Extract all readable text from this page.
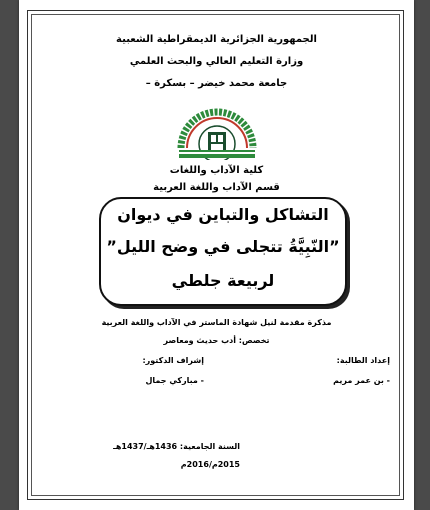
الجمهورية الجزائرية الديمقراطية الشعبية
وزارة التعليم العالي والبحث العلمي
جامعة محمد خيضر – بسكرة –
كلية الآداب واللغات
قسم الآداب واللغة العربية
التشاكل والتباين في ديوان
”النّبِيَّةُ تتجلى في وضح الليل”
لربيعة جلطي
مذكرة مقدمة لنيل شهادة الماستر في الآداب واللغة العربية
تخصص: أدب حديث ومعاصر
إعداد الطالبة:
- بن عمر مريم
إشراف الدكتور:
- مباركي جمال
السنة الجامعية: 1436هـ/1437هـ
2015م/2016م
